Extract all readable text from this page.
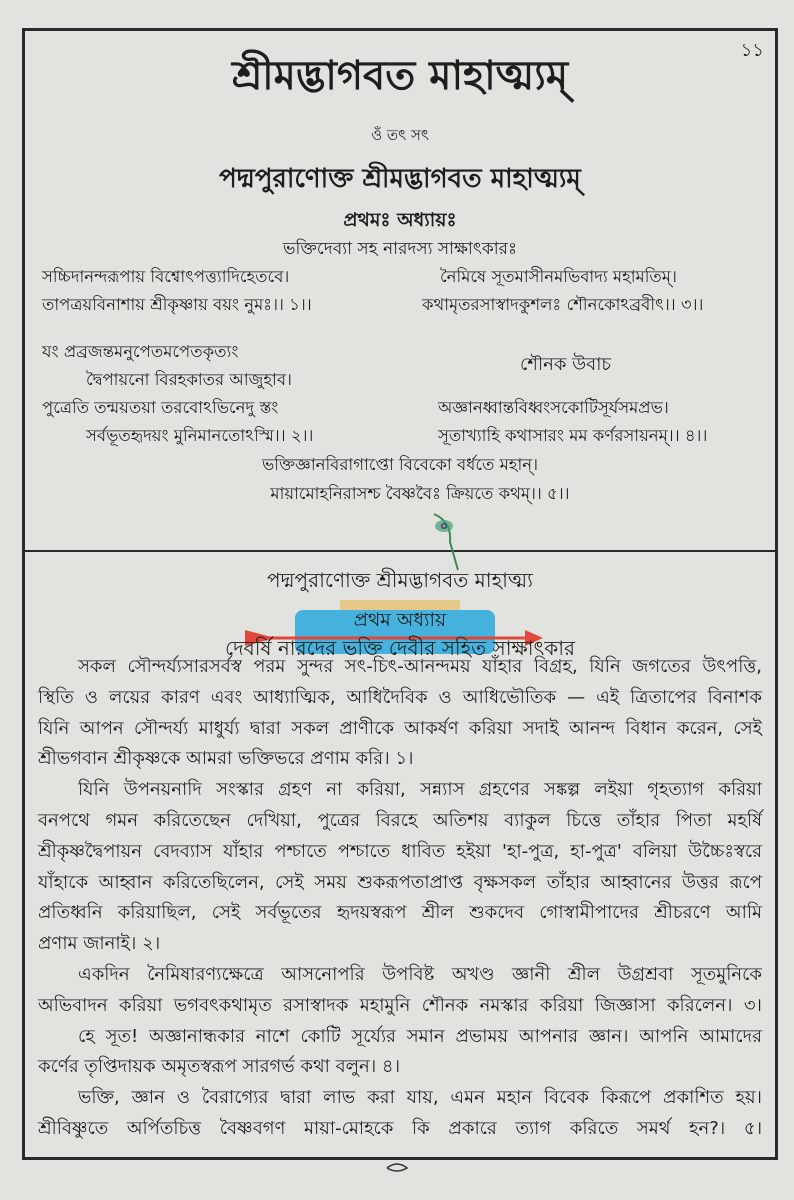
১১
শ্রীমদ্ভাগবত মাহাত্ম্যম্
ওঁ তৎ সৎ
পদ্মপুরাণোক্ত শ্রীমদ্ভাগবত মাহাত্ম্যম্
প্রথমঃ অধ্যায়ঃ
ভক্তিদেব্যা সহ নারদস্য সাক্ষাৎকারঃ
সচ্চিদানন্দরূপায় বিশ্বোৎপত্ত্যাদিহেতবে।
তাপত্রয়বিনাশায় শ্রীকৃষ্ণায় বয়ং নুমঃ।। ১।।
নৈমিষে সূতমাসীনমভিবাদ্য মহামতিম্।
কথামৃতরসাস্বাদকুশলঃ শৌনকোঽব্রবীৎ।। ৩।।
যং প্রব্রজন্তমনুপেতমপেতকৃত্যং
দ্বৈপায়নো বিরহকাতর আজুহাব।
পুত্রেতি তন্ময়তয়া তরবোঽভিনেদু স্তং
সর্বভূতহৃদয়ং মুনিমানতোঽস্মি।। ২।।
শৌনক উবাচ
অজ্ঞানধ্বান্তবিধ্বংসকোটিসূর্যসমপ্রভ।
সূতাখ্যাহি কথাসারং মম কর্ণরসায়নম্।। ৪।।
ভক্তিজ্ঞানবিরাগাপ্তো বিবেকো বর্ধতে মহান্।
মায়ামোহনিরাসশ্চ বৈষ্ণবৈঃ ক্রিয়তে কথম্।। ৫।।
পদ্মপুরাণোক্ত শ্রীমদ্ভাগবত মাহাত্ম্য
প্রথম অধ্যায়
দেবর্ষি নারদের ভক্তি দেবীর সহিত সাক্ষাৎকার
সকল সৌন্দর্য্যসারসর্বস্ব পরম সুন্দর সৎ-চিৎ-আনন্দময় যাঁহার বিগ্রহ, যিনি জগতের উৎপত্তি,
স্থিতি ও লয়ের কারণ এবং আধ্যাত্মিক, আধিদৈবিক ও আধিভৌতিক — এই ত্রিতাপের বিনাশক
যিনি আপন সৌন্দর্য্য মাধুর্য্য দ্বারা সকল প্রাণীকে আকর্ষণ করিয়া সদাই আনন্দ বিধান করেন, সেই
শ্রীভগবান শ্রীকৃষ্ণকে আমরা ভক্তিভরে প্রণাম করি। ১।
যিনি উপনয়নাদি সংস্কার গ্রহণ না করিয়া, সন্ন্যাস গ্রহণের সঙ্কল্প লইয়া গৃহত্যাগ করিয়া
বনপথে গমন করিতেছেন দেখিয়া, পুত্রের বিরহে অতিশয় ব্যাকুল চিত্তে তাঁহার পিতা মহর্ষি
শ্রীকৃষ্ণদ্বৈপায়ন বেদব্যাস যাঁহার পশ্চাতে পশ্চাতে ধাবিত হইয়া 'হা-পুত্র, হা-পুত্র' বলিয়া উচ্চৈঃস্বরে
যাঁহাকে আহ্বান করিতেছিলেন, সেই সময় শুকরূপতাপ্রাপ্ত বৃক্ষসকল তাঁহার আহ্বানের উত্তর রূপে
প্রতিধ্বনি করিয়াছিল, সেই সর্বভূতের হৃদয়স্বরূপ শ্রীল শুকদেব গোস্বামীপাদের শ্রীচরণে আমি
প্রণাম জানাই। ২।
একদিন নৈমিষারণ্যক্ষেত্রে আসনোপরি উপবিষ্ট অখণ্ড জ্ঞানী শ্রীল উগ্রশ্রবা সূতমুনিকে
অভিবাদন করিয়া ভগবৎকথামৃত রসাস্বাদক মহামুনি শৌনক নমস্কার করিয়া জিজ্ঞাসা করিলেন। ৩।
হে সূত! অজ্ঞানান্ধকার নাশে কোটি সূর্য্যের সমান প্রভাময় আপনার জ্ঞান। আপনি আমাদের
কর্ণের তৃপ্তিদায়ক অমৃতস্বরূপ সারগর্ভ কথা বলুন। ৪।
ভক্তি, জ্ঞান ও বৈরাগ্যের দ্বারা লাভ করা যায়, এমন মহান বিবেক কিরূপে প্রকাশিত হয়।
শ্রীবিষ্ণুতে অর্পিতচিত্ত বৈষ্ণবগণ মায়া-মোহকে কি প্রকারে ত্যাগ করিতে সমর্থ হন?। ৫।
